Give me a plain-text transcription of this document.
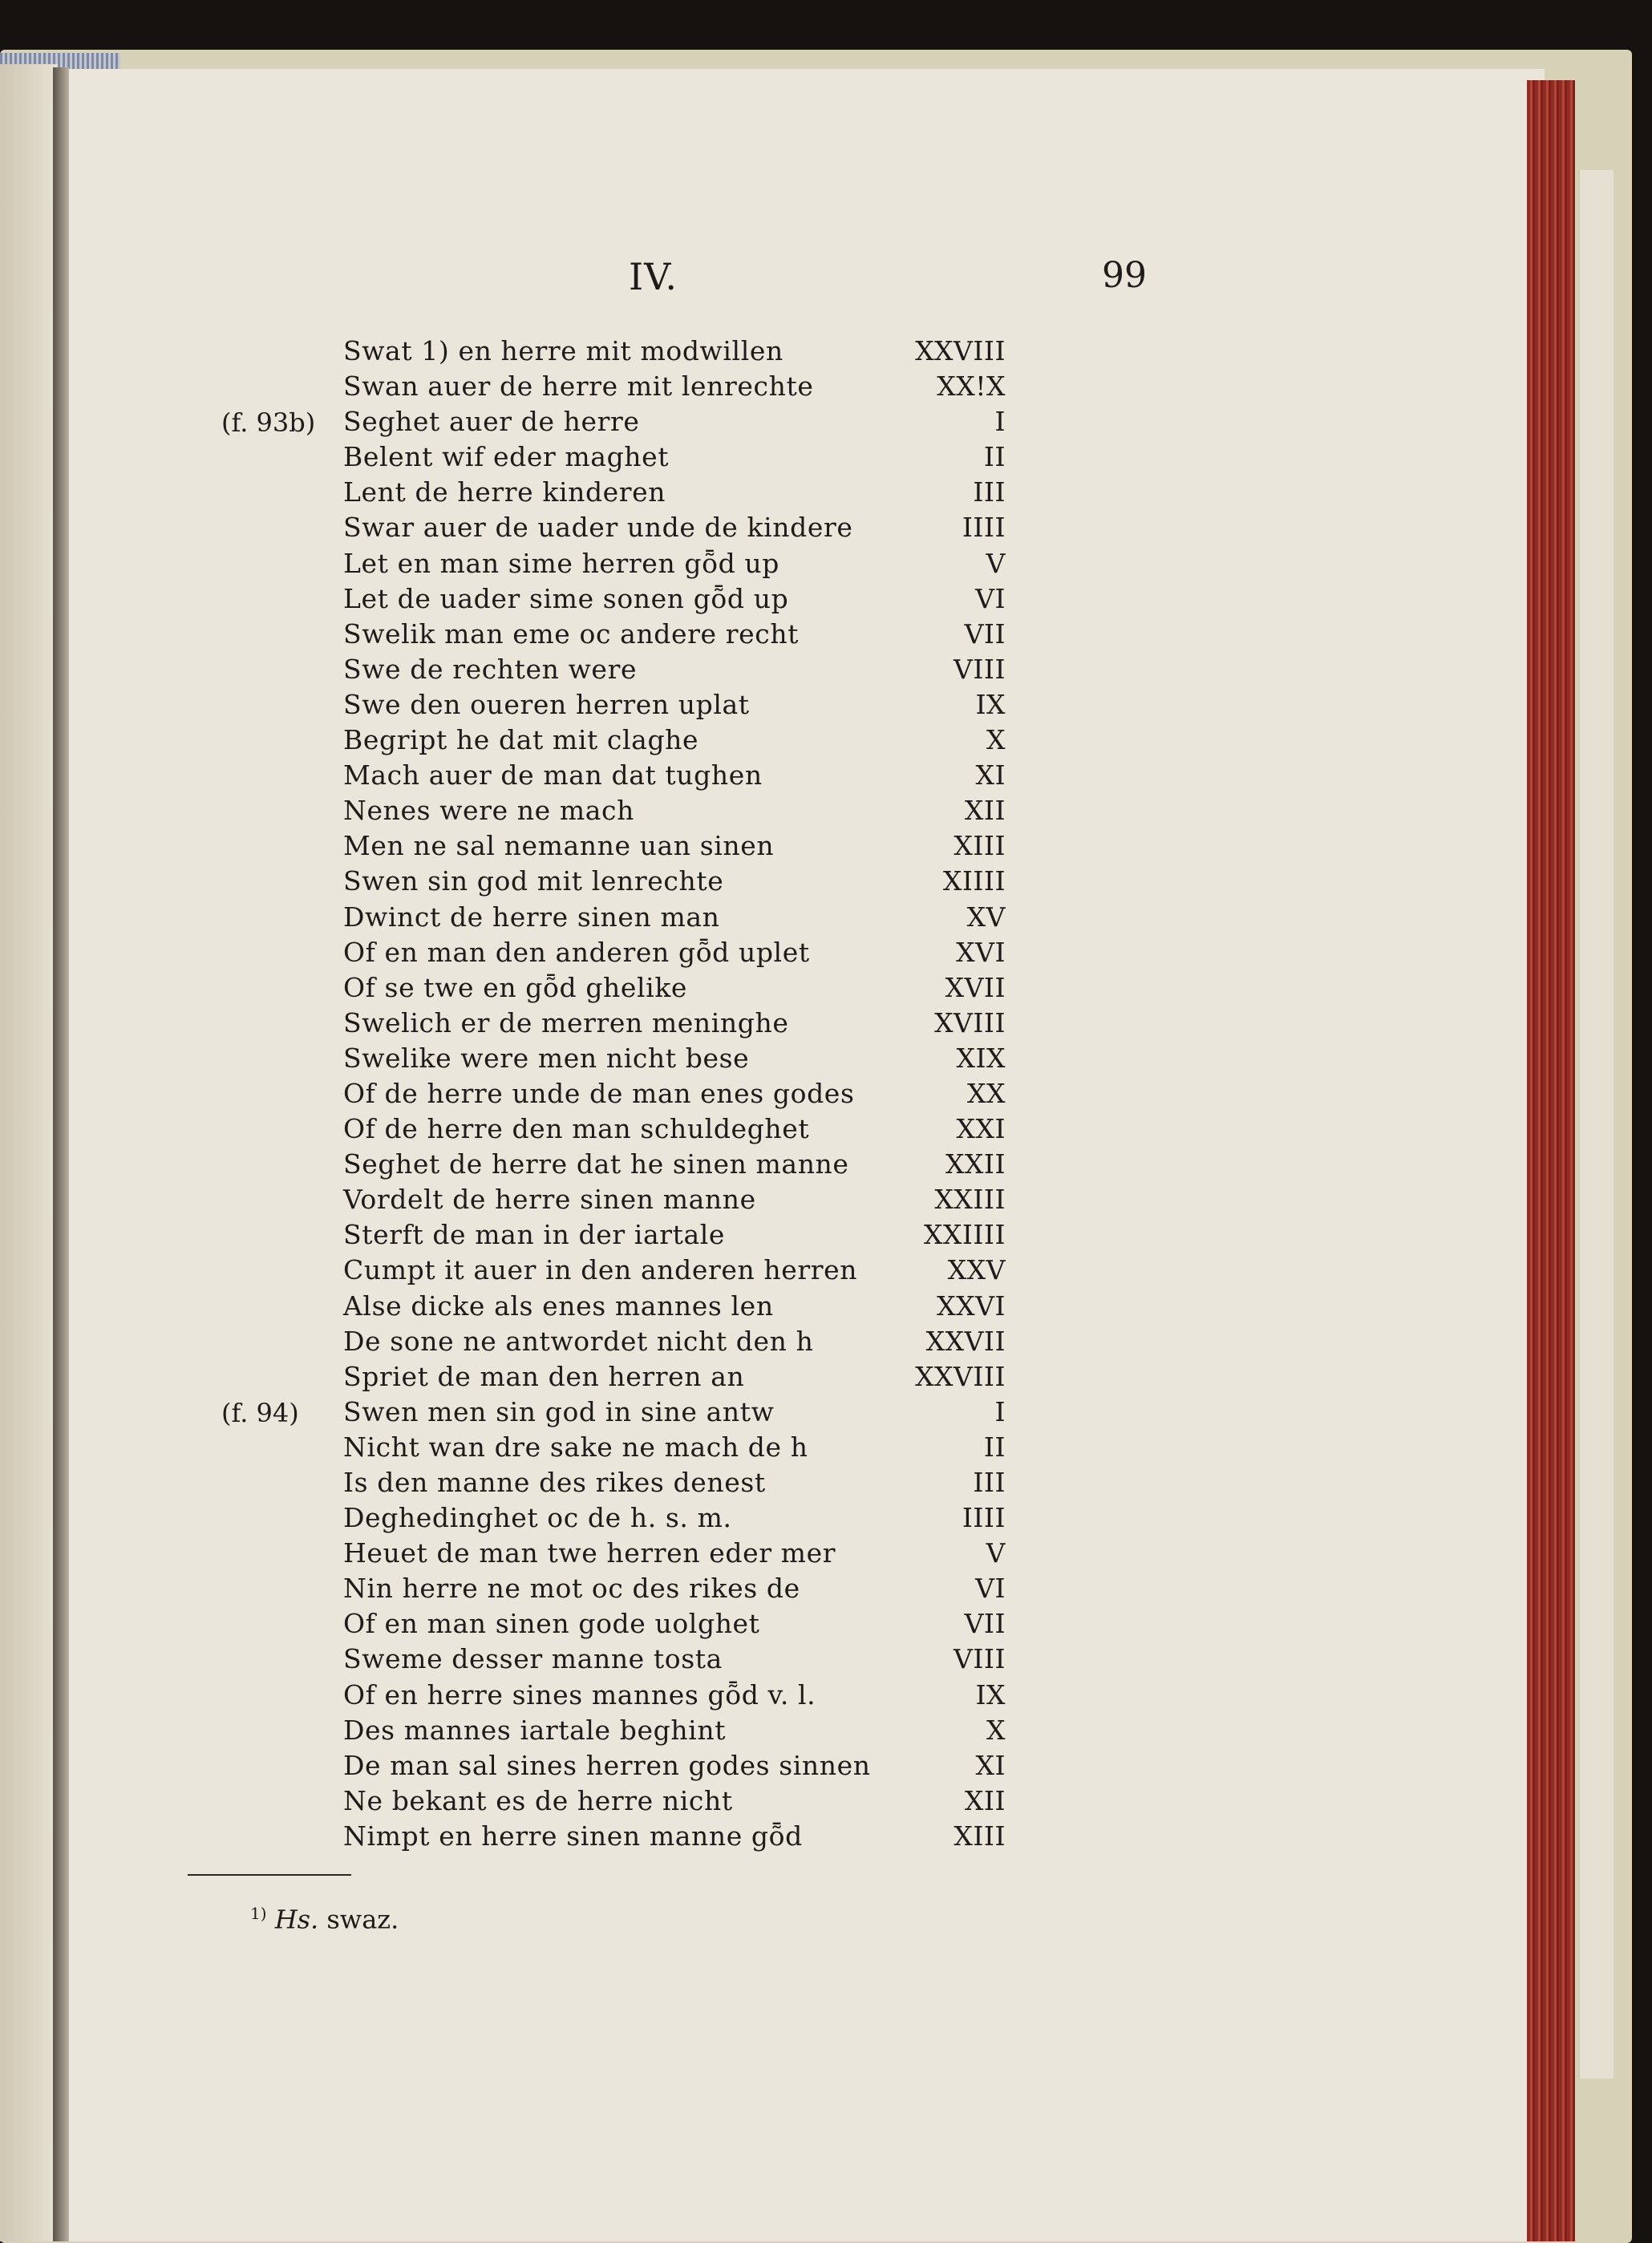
IV.	99
Swat 1) en herre mit modwillen	XXVIII
Swan auer de herre mit lenrechte	XX!X
(f. 93b) Seghet auer de herre	I
Belent wif eder maghet	II
Lent de herre kinderen	III
Swar auer de uader unde de kindere	IIII
Let en man sime herren gȭd up	V
Let de uader sime sonen gȭd up	VI
Swelik man eme oc andere recht	VII
Swe de rechten were	VIII
Swe den oueren herren uplat	IX
Begript he dat mit claghe	X
Mach auer de man dat tughen	XI
Nenes were ne mach	XII
Men ne sal nemanne uan sinen	XIII
Swen sin god mit lenrechte	XIIII
Dwinct de herre sinen man	XV
Of en man den anderen gȭd uplet	XVI
Of se twe en gȭd ghelike	XVII
Swelich er de merren meninghe	XVIII
Swelike were men nicht bese	XIX
Of de herre unde de man enes godes	XX
Of de herre den man schuldeghet	XXI
Seghet de herre dat he sinen manne	XXII
Vordelt de herre sinen manne	XXIII
Sterft de man in der iartale	XXIIII
Cumpt it auer in den anderen herren	XXV
Alse dicke als enes mannes len	XXVI
De sone ne antwordet nicht den h	XXVII
Spriet de man den herren an	XXVIII
(f. 94) Swen men sin god in sine antw	I
Nicht wan dre sake ne mach de h	II
Is den manne des rikes denest	III
Deghedinghet oc de h. s. m.	IIII
Heuet de man twe herren eder mer	V
Nin herre ne mot oc des rikes de	VI
Of en man sinen gode uolghet	VII
Sweme desser manne tosta	VIII
Of en herre sines mannes gȭd v. l.	IX
Des mannes iartale beghint	X
De man sal sines herren godes sinnen	XI
Ne bekant es de herre nicht	XII
Nimpt en herre sinen manne gȭd	XIII
$^{1)}$ Hs. swaz.
